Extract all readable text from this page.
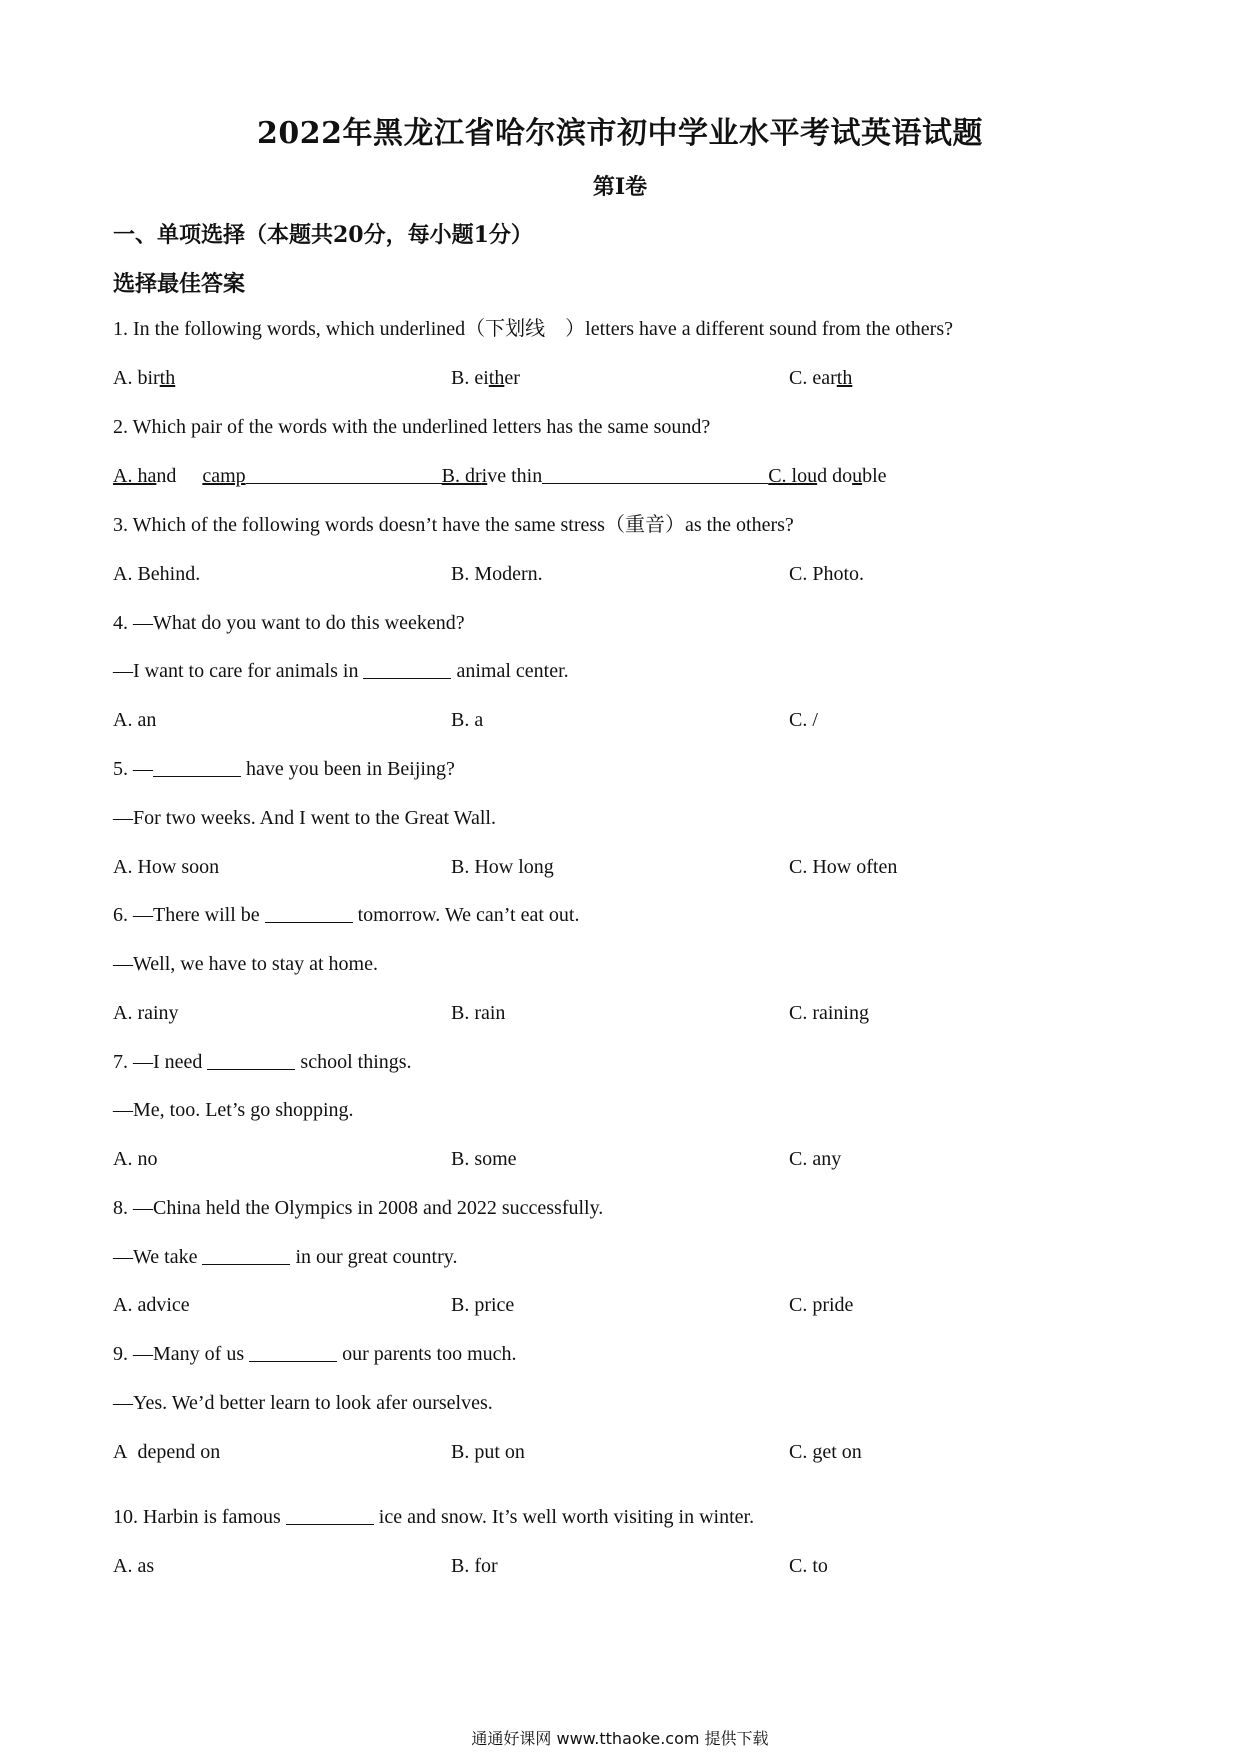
2022年黑龙江省哈尔滨市初中学业水平考试英语试题
第I卷
一、单项选择（本题共20分，每小题1分）
选择最佳答案
1. In the following words, which underlined（下划线　）letters have a different sound from the others?
A. birth	B. either	C. earth
2. Which pair of the words with the underlined letters has the same sound?
A. hand camp	B. drive thin	C. loud double
3. Which of the following words doesn’t have the same stress（重音）as the others?
A. Behind.	B. Modern.	C. Photo.
4. —What do you want to do this weekend?
—I want to care for animals in	animal center.
A. an	B. a	C. /
5. —	have you been in Beijing?
—For two weeks. And I went to the Great Wall.
A. How soon	B. How long	C. How often
6. —There will be	tomorrow. We can’t eat out.
—Well, we have to stay at home.
A. rainy	B. rain	C. raining
7. —I need	school things.
—Me, too. Let’s go shopping.
A. no	B. some	C. any
8. —China held the Olympics in 2008 and 2022 successfully.
—We take	in our great country.
A. advice	B. price	C. pride
9. —Many of us	our parents too much.
—Yes. We’d better learn to look afer ourselves.
A depend on	B. put on	C. get on
10. Harbin is famous	ice and snow. It’s well worth visiting in winter.
A. as	B. for	C. to
通通好课网 www.tthaoke.com 提供下载
